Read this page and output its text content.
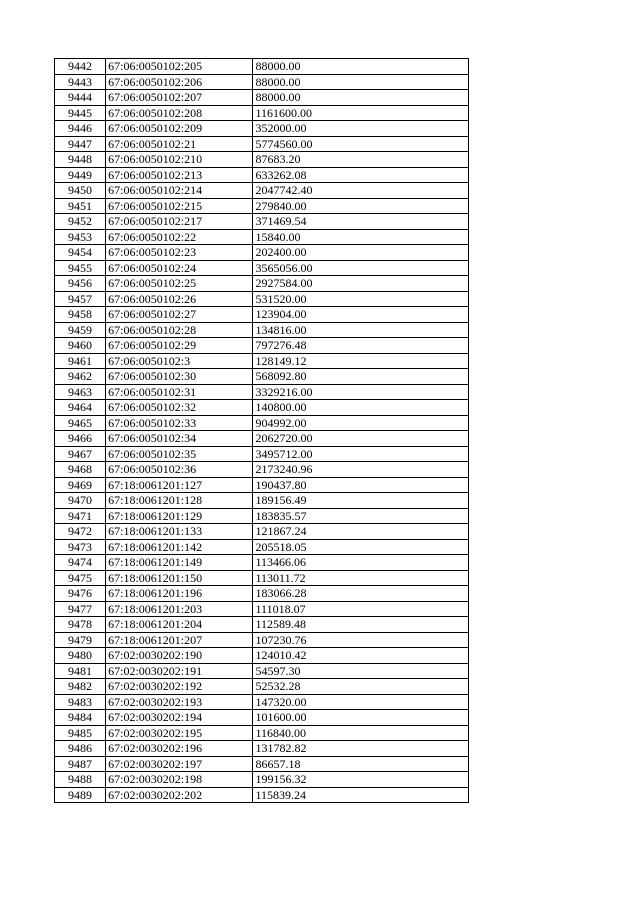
9442	67:06:0050102:205	88000.00
9443	67:06:0050102:206	88000.00
9444	67:06:0050102:207	88000.00
9445	67:06:0050102:208	1161600.00
9446	67:06:0050102:209	352000.00
9447	67:06:0050102:21	5774560.00
9448	67:06:0050102:210	87683.20
9449	67:06:0050102:213	633262.08
9450	67:06:0050102:214	2047742.40
9451	67:06:0050102:215	279840.00
9452	67:06:0050102:217	371469.54
9453	67:06:0050102:22	15840.00
9454	67:06:0050102:23	202400.00
9455	67:06:0050102:24	3565056.00
9456	67:06:0050102:25	2927584.00
9457	67:06:0050102:26	531520.00
9458	67:06:0050102:27	123904.00
9459	67:06:0050102:28	134816.00
9460	67:06:0050102:29	797276.48
9461	67:06:0050102:3	128149.12
9462	67:06:0050102:30	568092.80
9463	67:06:0050102:31	3329216.00
9464	67:06:0050102:32	140800.00
9465	67:06:0050102:33	904992.00
9466	67:06:0050102:34	2062720.00
9467	67:06:0050102:35	3495712.00
9468	67:06:0050102:36	2173240.96
9469	67:18:0061201:127	190437.80
9470	67:18:0061201:128	189156.49
9471	67:18:0061201:129	183835.57
9472	67:18:0061201:133	121867.24
9473	67:18:0061201:142	205518.05
9474	67:18:0061201:149	113466.06
9475	67:18:0061201:150	113011.72
9476	67:18:0061201:196	183066.28
9477	67:18:0061201:203	111018.07
9478	67:18:0061201:204	112589.48
9479	67:18:0061201:207	107230.76
9480	67:02:0030202:190	124010.42
9481	67:02:0030202:191	54597.30
9482	67:02:0030202:192	52532.28
9483	67:02:0030202:193	147320.00
9484	67:02:0030202:194	101600.00
9485	67:02:0030202:195	116840.00
9486	67:02:0030202:196	131782.82
9487	67:02:0030202:197	86657.18
9488	67:02:0030202:198	199156.32
9489	67:02:0030202:202	115839.24
